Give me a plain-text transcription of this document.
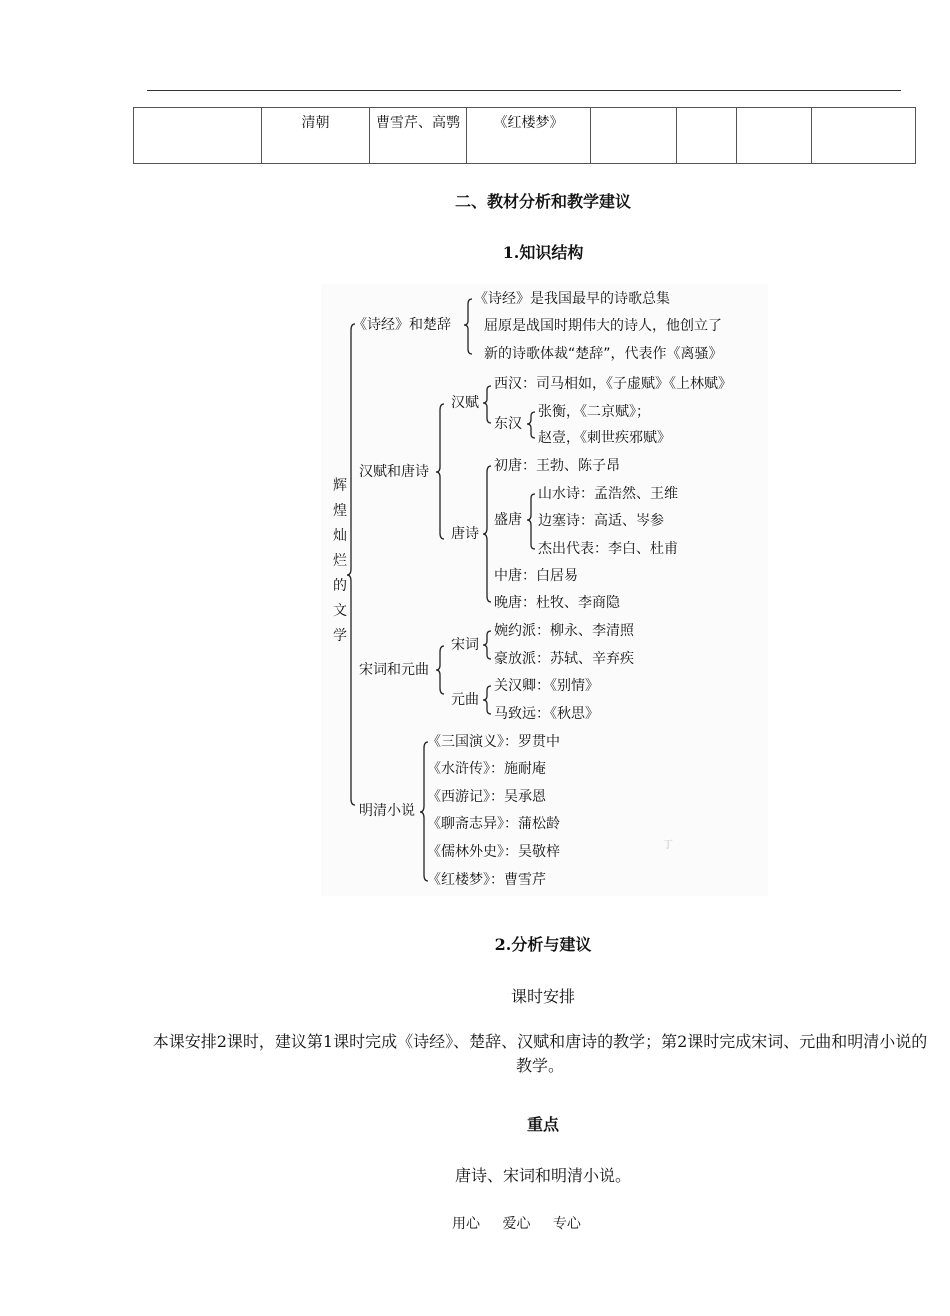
	清朝	曹雪芹、高鹗	《红楼梦》				
二、教材分析和教学建议
1.知识结构
丁
辉
煌
灿
烂
的
文
学
《诗经》和楚辞
《诗经》是我国最早的诗歌总集
屈原是战国时期伟大的诗人，他创立了
新的诗歌体裁“楚辞”，代表作《离骚》
汉赋和唐诗
汉赋
西汉：司马相如，《子虚赋》《上林赋》
东汉
张衡，《二京赋》；
赵壹，《刺世疾邪赋》
唐诗
初唐：王勃、陈子昂
盛唐
山水诗：孟浩然、王维
边塞诗：高适、岑参
杰出代表：李白、杜甫
中唐：白居易
晚唐：杜牧、李商隐
宋词和元曲
宋词
婉约派：柳永、李清照
豪放派：苏轼、辛弃疾
元曲
关汉卿：《别情》
马致远：《秋思》
明清小说
《三国演义》：罗贯中
《水浒传》：施耐庵
《西游记》：吴承恩
《聊斋志异》：蒲松龄
《儒林外史》：吴敬梓
《红楼梦》：曹雪芹
2.分析与建议
课时安排
本课安排2课时，建议第1课时完成《诗经》、楚辞、汉赋和唐诗的教学；第2课时完成宋词、元曲和明清小说的教学。
重点
唐诗、宋词和明清小说。
用心 爱心 专心
